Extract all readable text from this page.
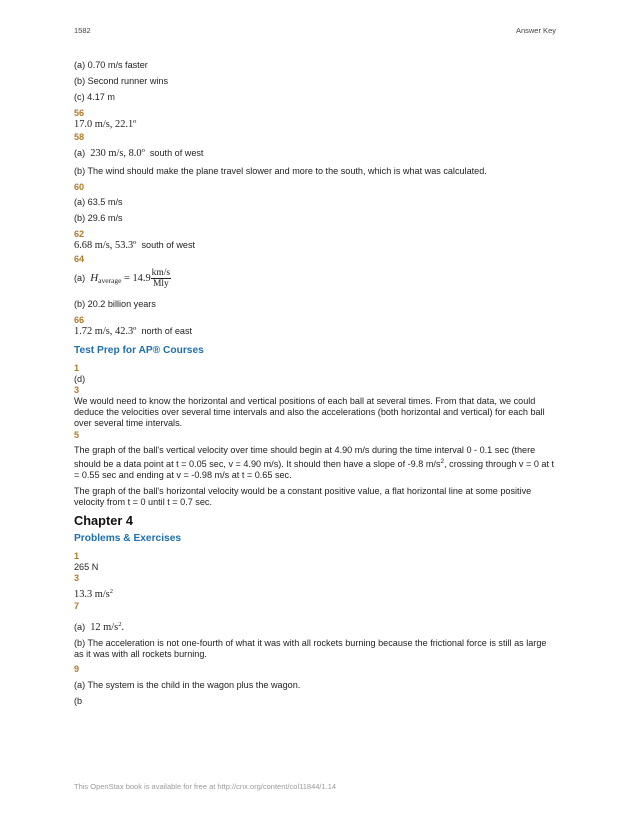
1582	Answer Key
(a) 0.70 m/s faster
(b) Second runner wins
(c) 4.17 m
56
17.0 m/s, 22.1º
58
(a) 230 m/s, 8.0º south of west
(b) The wind should make the plane travel slower and more to the south, which is what was calculated.
60
(a) 63.5 m/s
(b) 29.6 m/s
62
6.68 m/s, 53.3º south of west
64
(a) $H_{average} = 14.9 \frac{km/s}{\text{Mly}}$
(b) 20.2 billion years
66
1.72 m/s, 42.3º north of east
Test Prep for AP® Courses
1
(d)
3
We would need to know the horizontal and vertical positions of each ball at several times. From that data, we could deduce the velocities over several time intervals and also the accelerations (both horizontal and vertical) for each ball over several time intervals.
5
The graph of the ball's vertical velocity over time should begin at 4.90 m/s during the time interval 0 - 0.1 sec (there should be a data point at t = 0.05 sec, v = 4.90 m/s). It should then have a slope of -9.8 $m/s^2$, crossing through v = 0 at t = 0.55 sec and ending at v = -0.98 m/s at t = 0.65 sec.
The graph of the ball's horizontal velocity would be a constant positive value, a flat horizontal line at some positive velocity from t = 0 until t = 0.7 sec.
Chapter 4
Problems & Exercises
1
265 N
3
13.3 $m/s^2$
7
(a) 12 $m/s^2$.
(b) The acceleration is not one-fourth of what it was with all rockets burning because the frictional force is still as large as it was with all rockets burning.
9
(a) The system is the child in the wagon plus the wagon.
(b
This OpenStax book is available for free at http://cnx.org/content/col11844/1.14
